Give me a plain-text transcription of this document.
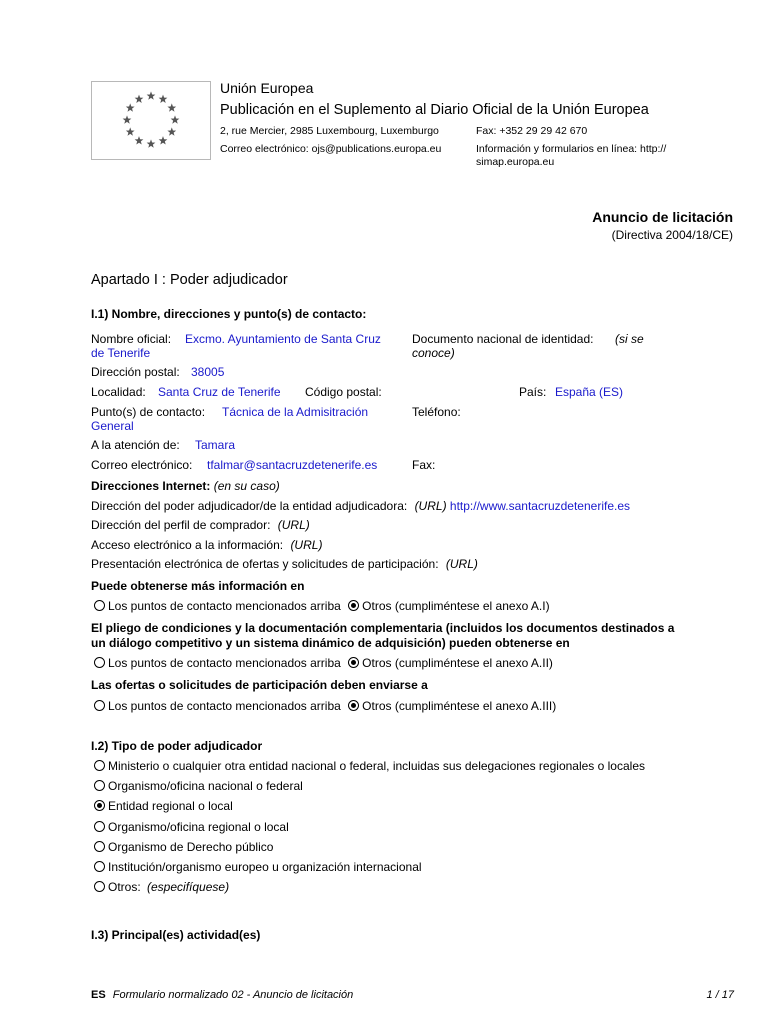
Unión Europea
Publicación en el Suplemento al Diario Oficial de la Unión Europea
2, rue Mercier, 2985 Luxembourg, Luxemburgo	Fax: +352 29 29 42 670
Correo electrónico: ojs@publications.europa.eu	Información y formularios en línea: http://
simap.europa.eu
Anuncio de licitación
(Directiva 2004/18/CE)
Apartado I : Poder adjudicador
I.1) Nombre, direcciones y punto(s) de contacto:
Nombre oficial: Excmo. Ayuntamiento de Santa Cruz
de Tenerife
Documento nacional de identidad: (si se
conoce)
Dirección postal: 38005
Localidad: Santa Cruz de Tenerife Código postal:	País: España (ES)
Punto(s) de contacto: Tácnica de la Admisitración
General
Teléfono:
A la atención de: Tamara
Correo electrónico: tfalmar@santacruzdetenerife.es	Fax:
Direcciones Internet: (en su caso)
Dirección del poder adjudicador/de la entidad adjudicadora: (URL) http://www.santacruzdetenerife.es
Dirección del perfil de comprador: (URL)
Acceso electrónico a la información: (URL)
Presentación electrónica de ofertas y solicitudes de participación: (URL)
Puede obtenerse más información en
Los puntos de contacto mencionados arriba Otros (cumpliméntese el anexo A.I)
El pliego de condiciones y la documentación complementaria (incluidos los documentos destinados a
un diálogo competitivo y un sistema dinámico de adquisición) pueden obtenerse en
Los puntos de contacto mencionados arriba Otros (cumpliméntese el anexo A.II)
Las ofertas o solicitudes de participación deben enviarse a
Los puntos de contacto mencionados arriba Otros (cumpliméntese el anexo A.III)
I.2) Tipo de poder adjudicador
Ministerio o cualquier otra entidad nacional o federal, incluidas sus delegaciones regionales o locales
Organismo/oficina nacional o federal
Entidad regional o local
Organismo/oficina regional o local
Organismo de Derecho público
Institución/organismo europeo u organización internacional
Otros: (especifíquese)
I.3) Principal(es) actividad(es)
ES Formulario normalizado 02 - Anuncio de licitación	1 / 17
